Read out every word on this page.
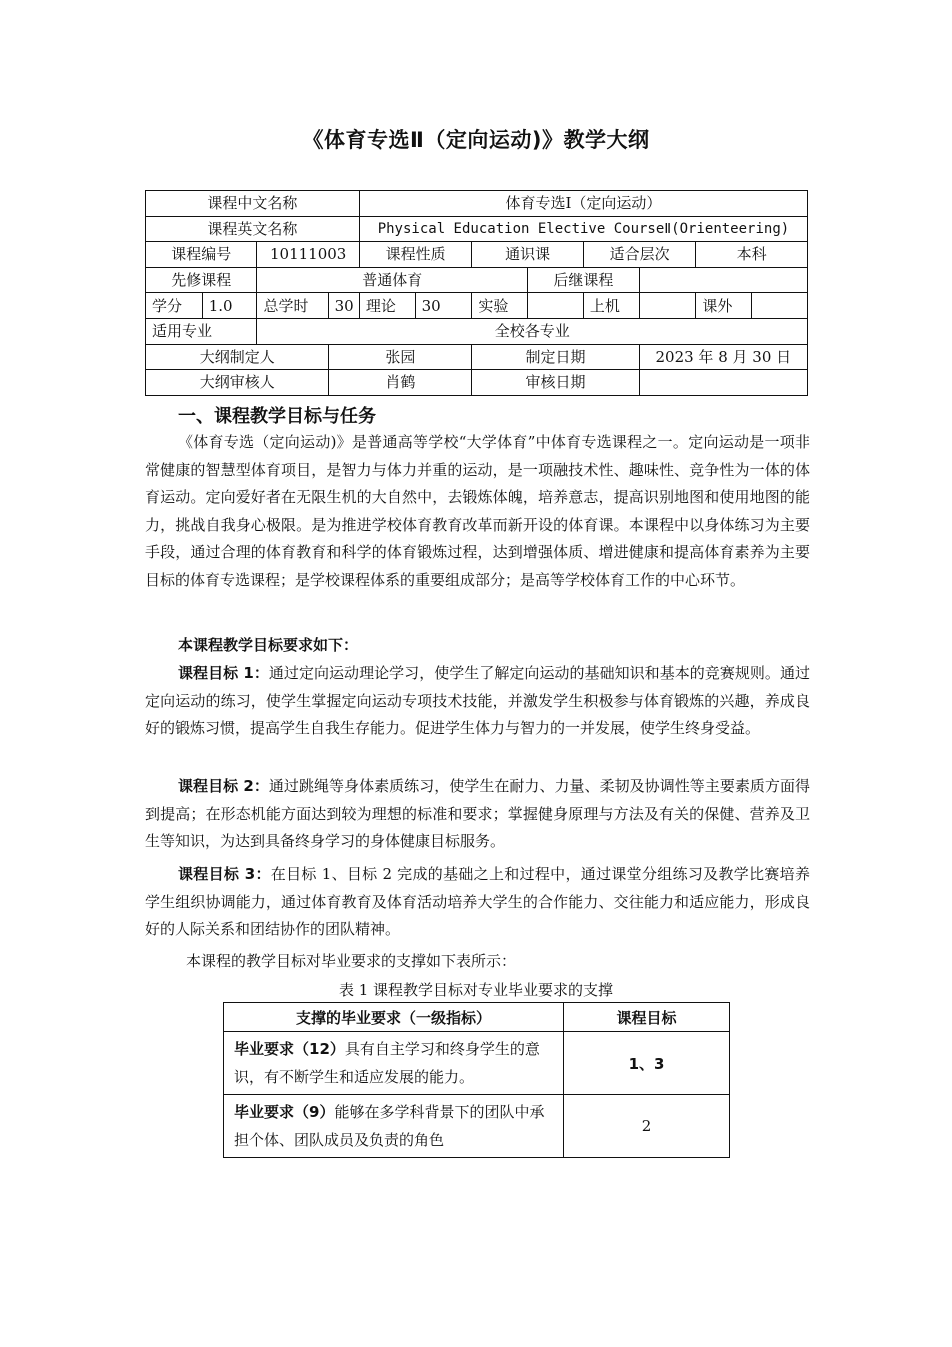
《体育专选Ⅱ（定向运动)》教学大纲
课程中文名称				体育专选Ⅰ（定向运动）							
课程英文名称				Physical Education Elective CourseⅡ(Orienteering)							
课程编号		10111003		课程性质		通识课		适合层次		本科	
先修课程		普通体育					后继课程				
学分	1.0	总学时	30	理论	30	实验		上机		课外	
适用专业		全校各专业									
大纲制定人			张园			制定日期			2023 年 8 月 30 日		
大纲审核人			肖鹤			审核日期					
一、课程教学目标与任务

《体育专选（定向运动)》是普通高等学校“大学体育”中体育专选课程之一。定向运动是一项非常健康的智慧型体育项目，是智力与体力并重的运动，是一项融技术性、趣味性、竞争性为一体的体育运动。定向爱好者在无限生机的大自然中，去锻炼体魄，培养意志，提高识别地图和使用地图的能力，挑战自我身心极限。是为推进学校体育教育改革而新开设的体育课。本课程中以身体练习为主要手段，通过合理的体育教育和科学的体育锻炼过程，达到增强体质、增进健康和提高体育素养为主要目标的体育专选课程；是学校课程体系的重要组成部分；是高等学校体育工作的中心环节。

本课程教学目标要求如下：

课程目标 1：通过定向运动理论学习，使学生了解定向运动的基础知识和基本的竞赛规则。通过定向运动的练习，使学生掌握定向运动专项技术技能，并激发学生积极参与体育锻炼的兴趣，养成良好的锻炼习惯，提高学生自我生存能力。促进学生体力与智力的一并发展，使学生终身受益。

课程目标 2：通过跳绳等身体素质练习，使学生在耐力、力量、柔韧及协调性等主要素质方面得到提高；在形态机能方面达到较为理想的标准和要求；掌握健身原理与方法及有关的保健、营养及卫生等知识，为达到具备终身学习的身体健康目标服务。

课程目标 3：在目标 1、目标 2 完成的基础之上和过程中，通过课堂分组练习及教学比赛培养学生组织协调能力，通过体育教育及体育活动培养大学生的合作能力、交往能力和适应能力，形成良好的人际关系和团结协作的团队精神。

本课程的教学目标对毕业要求的支撑如下表所示：

表 1 课程教学目标对专业毕业要求的支撑
支撑的毕业要求（一级指标）	课程目标
毕业要求（12）具有自主学习和终身学生的意识，有不断学生和适应发展的能力。	1、3
毕业要求（9）能够在多学科背景下的团队中承担个体、团队成员及负责的角色	2
